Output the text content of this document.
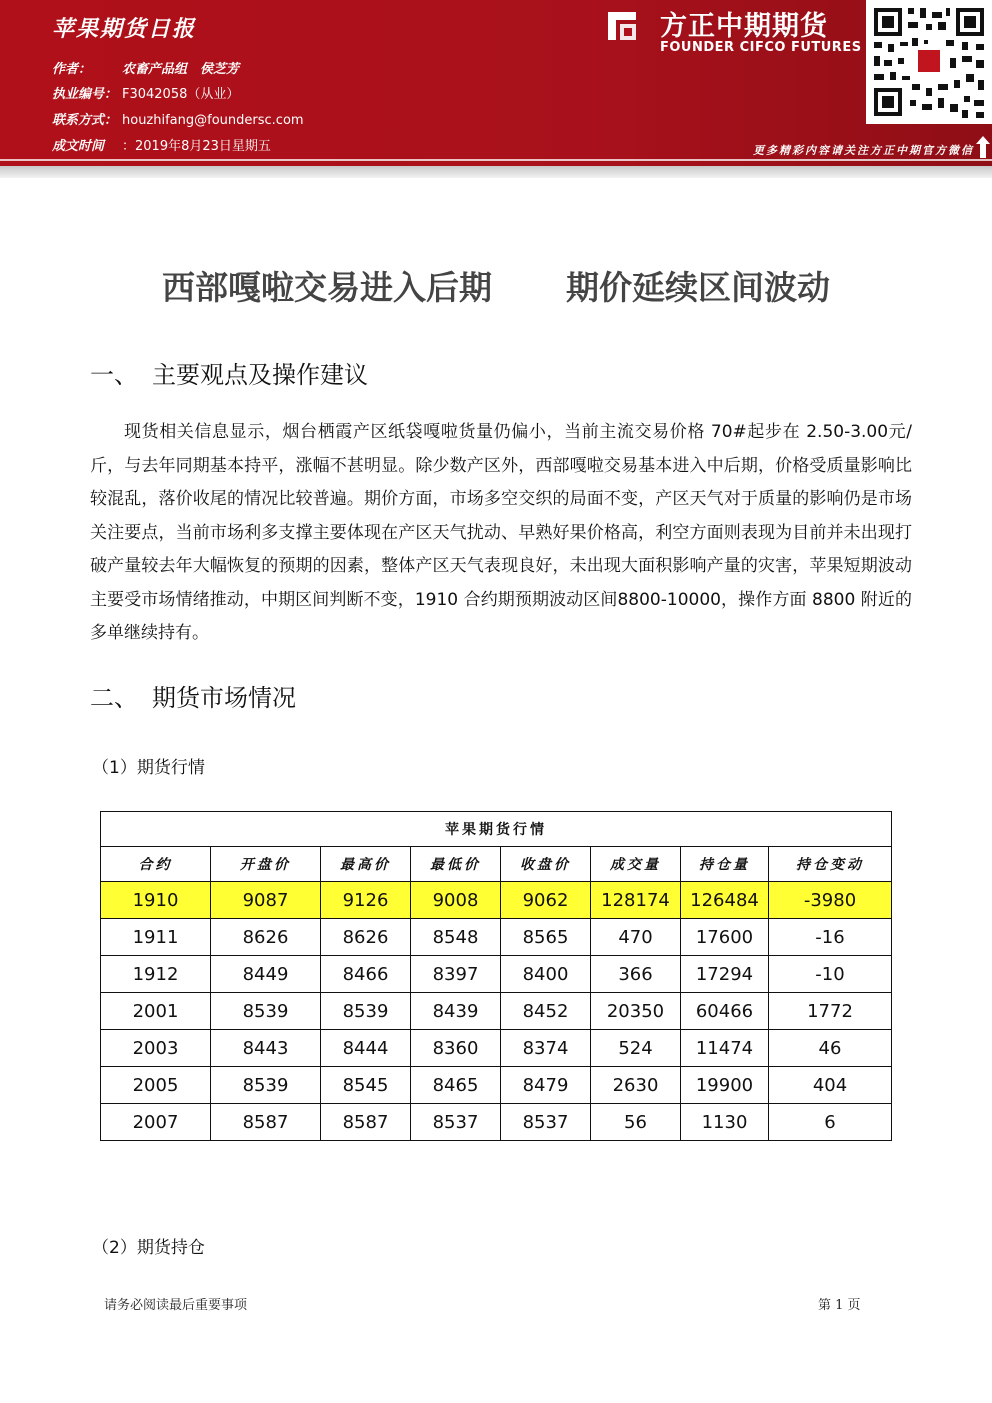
苹果期货日报
作者： 农畜产品组　侯芝芳
执业编号： F3042058（从业）
联系方式： houzhifang@foundersc.com
成文时间 ：2019年8月23日星期五
方正中期期货
FOUNDER CIFCO FUTURES
更多精彩内容请关注方正中期官方微信
西部嘎啦交易进入后期 期价延续区间波动
一、 主要观点及操作建议
现货相关信息显示，烟台栖霞产区纸袋嘎啦货量仍偏小，当前主流交易价格 70#起步在 2.50-3.00元/斤，与去年同期基本持平，涨幅不甚明显。除少数产区外，西部嘎啦交易基本进入中后期，价格受质量影响比较混乱，落价收尾的情况比较普遍。期价方面，市场多空交织的局面不变，产区天气对于质量的影响仍是市场关注要点，当前市场利多支撑主要体现在产区天气扰动、早熟好果价格高，利空方面则表现为目前并未出现打破产量较去年大幅恢复的预期的因素，整体产区天气表现良好，未出现大面积影响产量的灾害，苹果短期波动主要受市场情绪推动，中期区间判断不变，1910 合约期预期波动区间8800-10000，操作方面 8800 附近的多单继续持有。
二、 期货市场情况
（1）期货行情
苹果期货行情							
合约	开盘价	最高价	最低价	收盘价	成交量	持仓量	持仓变动
1910	9087	9126	9008	9062	128174	126484	-3980
1911	8626	8626	8548	8565	470	17600	-16
1912	8449	8466	8397	8400	366	17294	-10
2001	8539	8539	8439	8452	20350	60466	1772
2003	8443	8444	8360	8374	524	11474	46
2005	8539	8545	8465	8479	2630	19900	404
2007	8587	8587	8537	8537	56	1130	6
（2）期货持仓
请务必阅读最后重要事项	第 1 页
